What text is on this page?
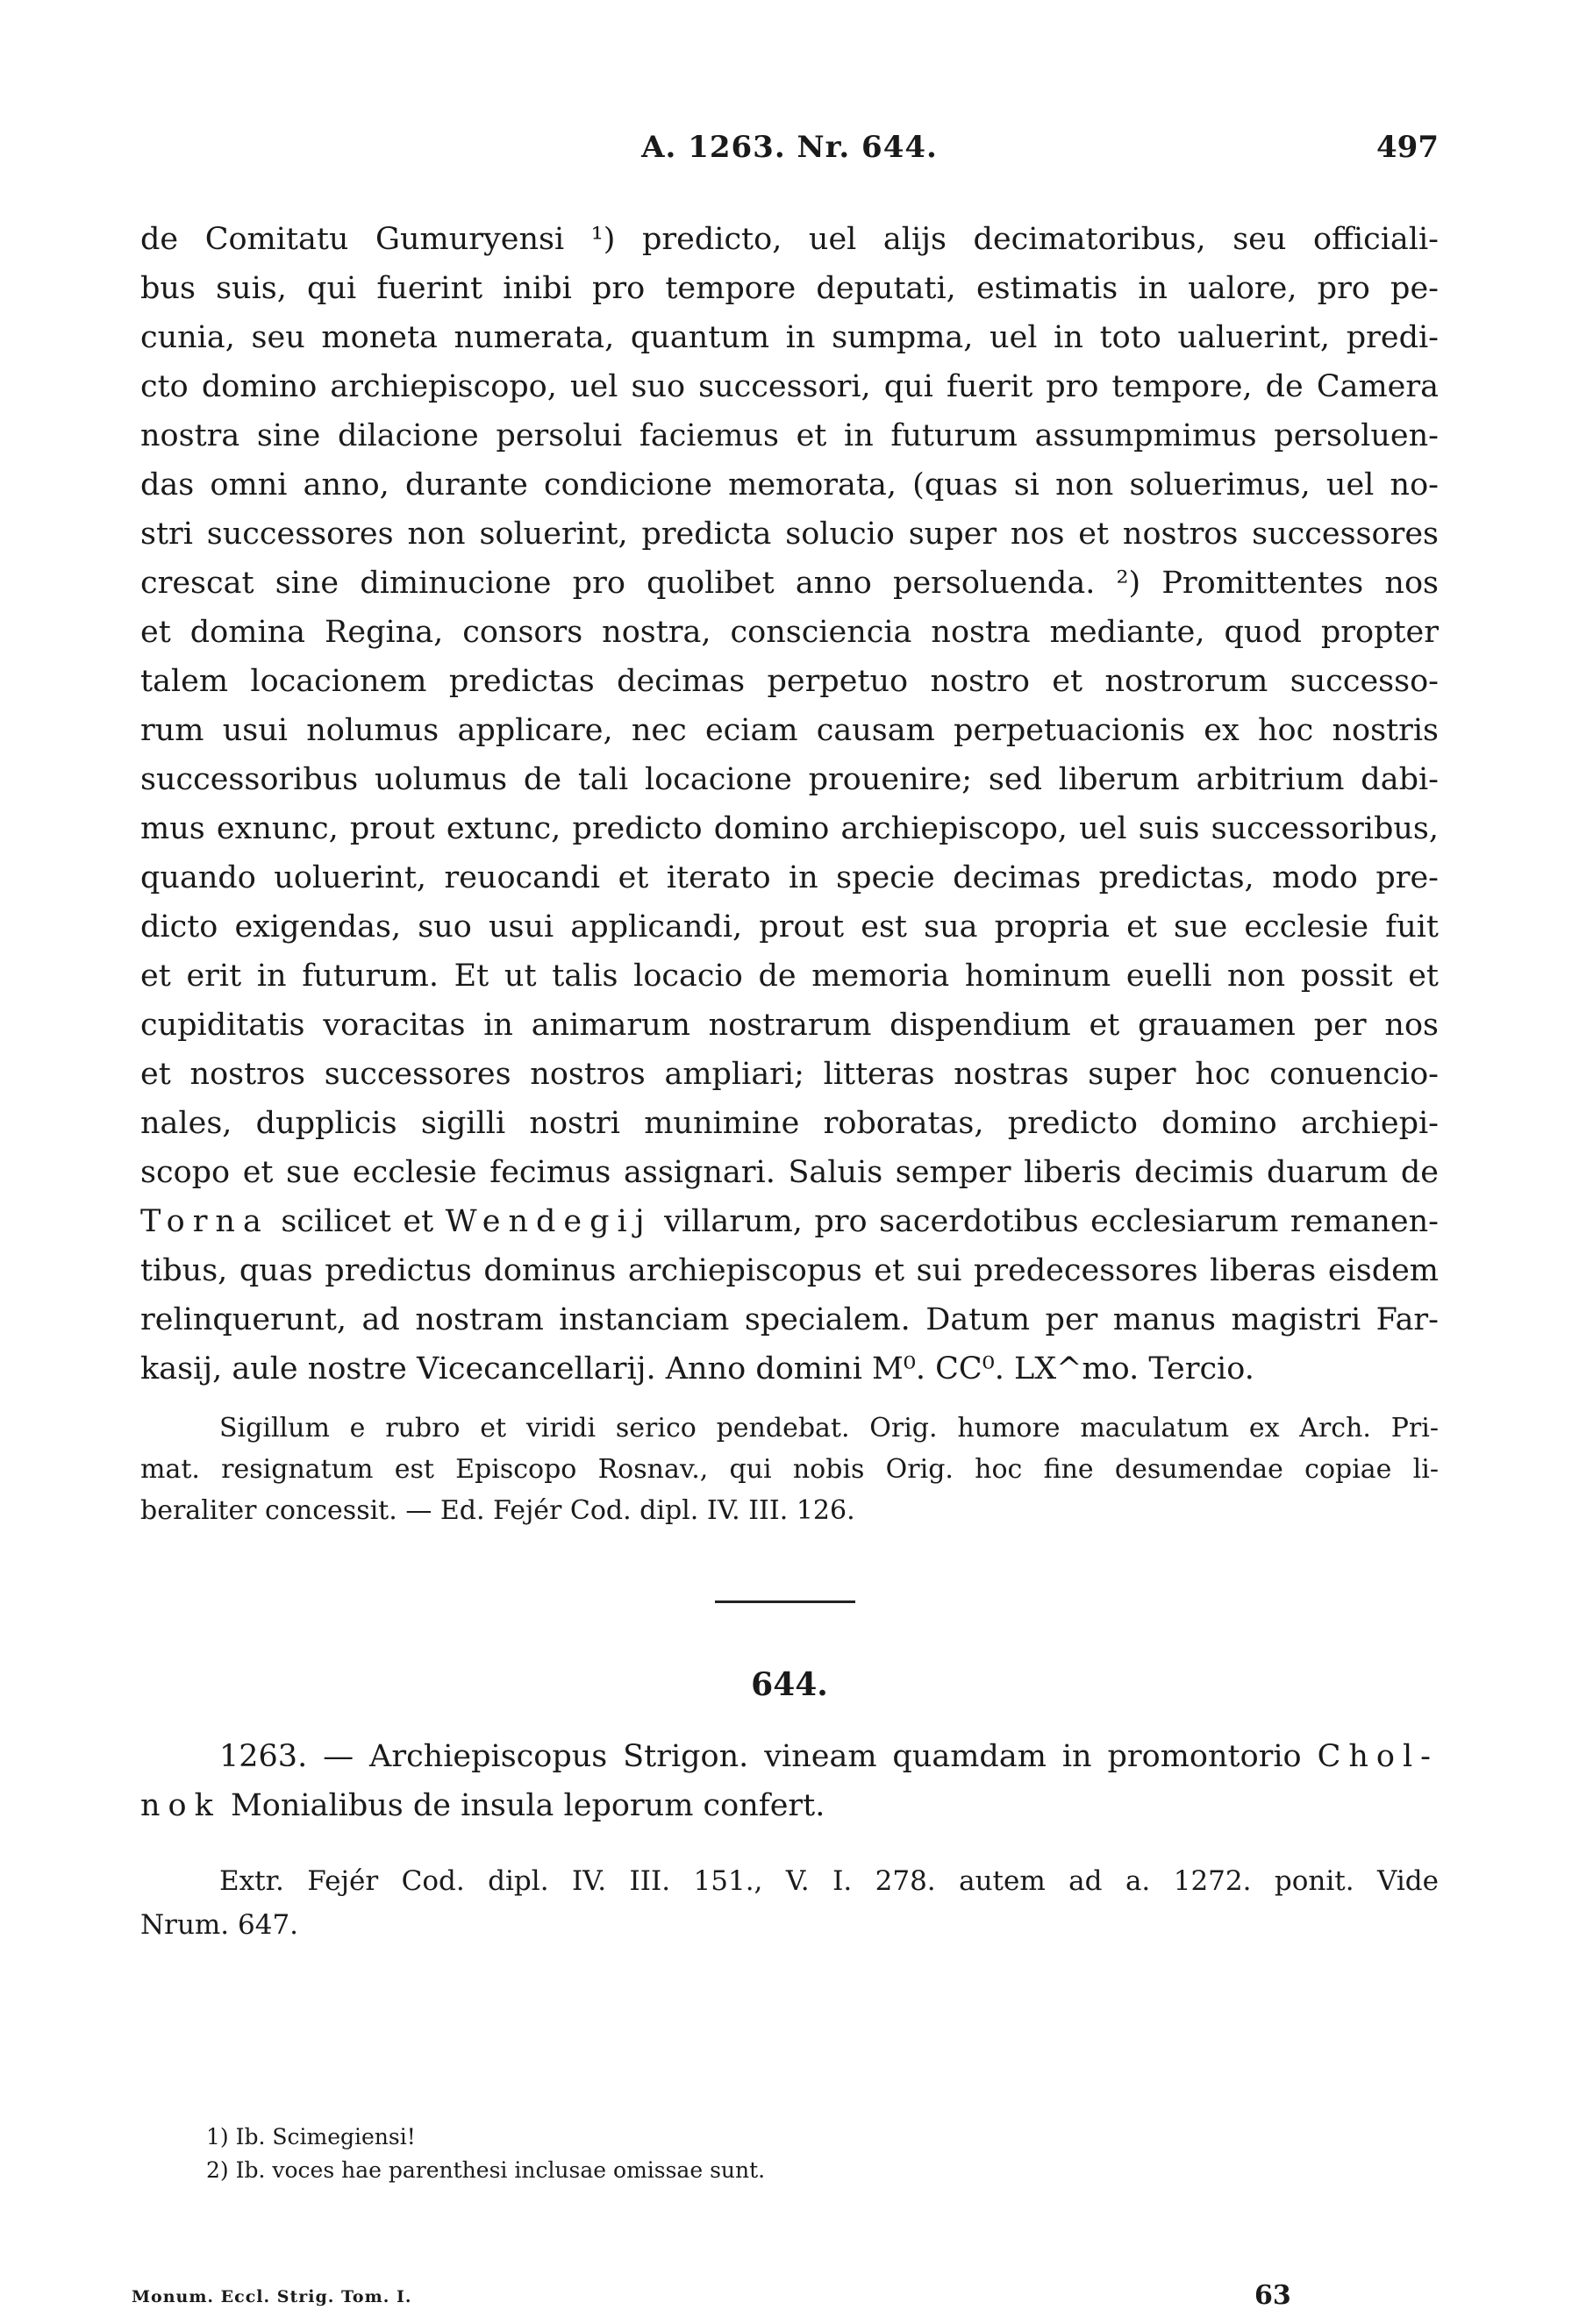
A. 1263. Nr. 644.	497
de Comitatu Gumuryensi ¹) predicto, uel alijs decimatoribus, seu officiali-
bus suis, qui fuerint inibi pro tempore deputati, estimatis in ualore, pro pe-
cunia, seu moneta numerata, quantum in sumpma, uel in toto ualuerint, predi-
cto domino archiepiscopo, uel suo successori, qui fuerit pro tempore, de Camera
nostra sine dilacione persolui faciemus et in futurum assumpmimus persoluen-
das omni anno, durante condicione memorata, (quas si non soluerimus, uel no-
stri successores non soluerint, predicta solucio super nos et nostros successores
crescat sine diminucione pro quolibet anno persoluenda. ²) Promittentes nos
et domina Regina, consors nostra, consciencia nostra mediante, quod propter
talem locacionem predictas decimas perpetuo nostro et nostrorum successo-
rum usui nolumus applicare, nec eciam causam perpetuacionis ex hoc nostris
successoribus uolumus de tali locacione prouenire; sed liberum arbitrium dabi-
mus exnunc, prout extunc, predicto domino archiepiscopo, uel suis successoribus,
quando uoluerint, reuocandi et iterato in specie decimas predictas, modo pre-
dicto exigendas, suo usui applicandi, prout est sua propria et sue ecclesie fuit
et erit in futurum. Et ut talis locacio de memoria hominum euelli non possit et
cupiditatis voracitas in animarum nostrarum dispendium et grauamen per nos
et nostros successores nostros ampliari; litteras nostras super hoc conuencio-
nales, dupplicis sigilli nostri munimine roboratas, predicto domino archiepi-
scopo et sue ecclesie fecimus assignari. Saluis semper liberis decimis duarum de
Torna scilicet et Wendegij villarum, pro sacerdotibus ecclesiarum remanen-
tibus, quas predictus dominus archiepiscopus et sui predecessores liberas eisdem
relinquerunt, ad nostram instanciam specialem. Datum per manus magistri Far-
kasij, aule nostre Vicecancellarij. Anno domini M⁰. CC⁰. LX^mo. Tercio.
Sigillum e rubro et viridi serico pendebat. Orig. humore maculatum ex Arch. Pri-
mat. resignatum est Episcopo Rosnav., qui nobis Orig. hoc fine desumendae copiae li-
beraliter concessit. — Ed. Fejér Cod. dipl. IV. III. 126.
644.
1263. — Archiepiscopus Strigon. vineam quamdam in promontorio Chol-
nok Monialibus de insula leporum confert.
Extr. Fejér Cod. dipl. IV. III. 151., V. I. 278. autem ad a. 1272. ponit. Vide
Nrum. 647.
1) Ib. Scimegiensi!
2) Ib. voces hae parenthesi inclusae omissae sunt.
Monum. Eccl. Strig. Tom. I.	63
